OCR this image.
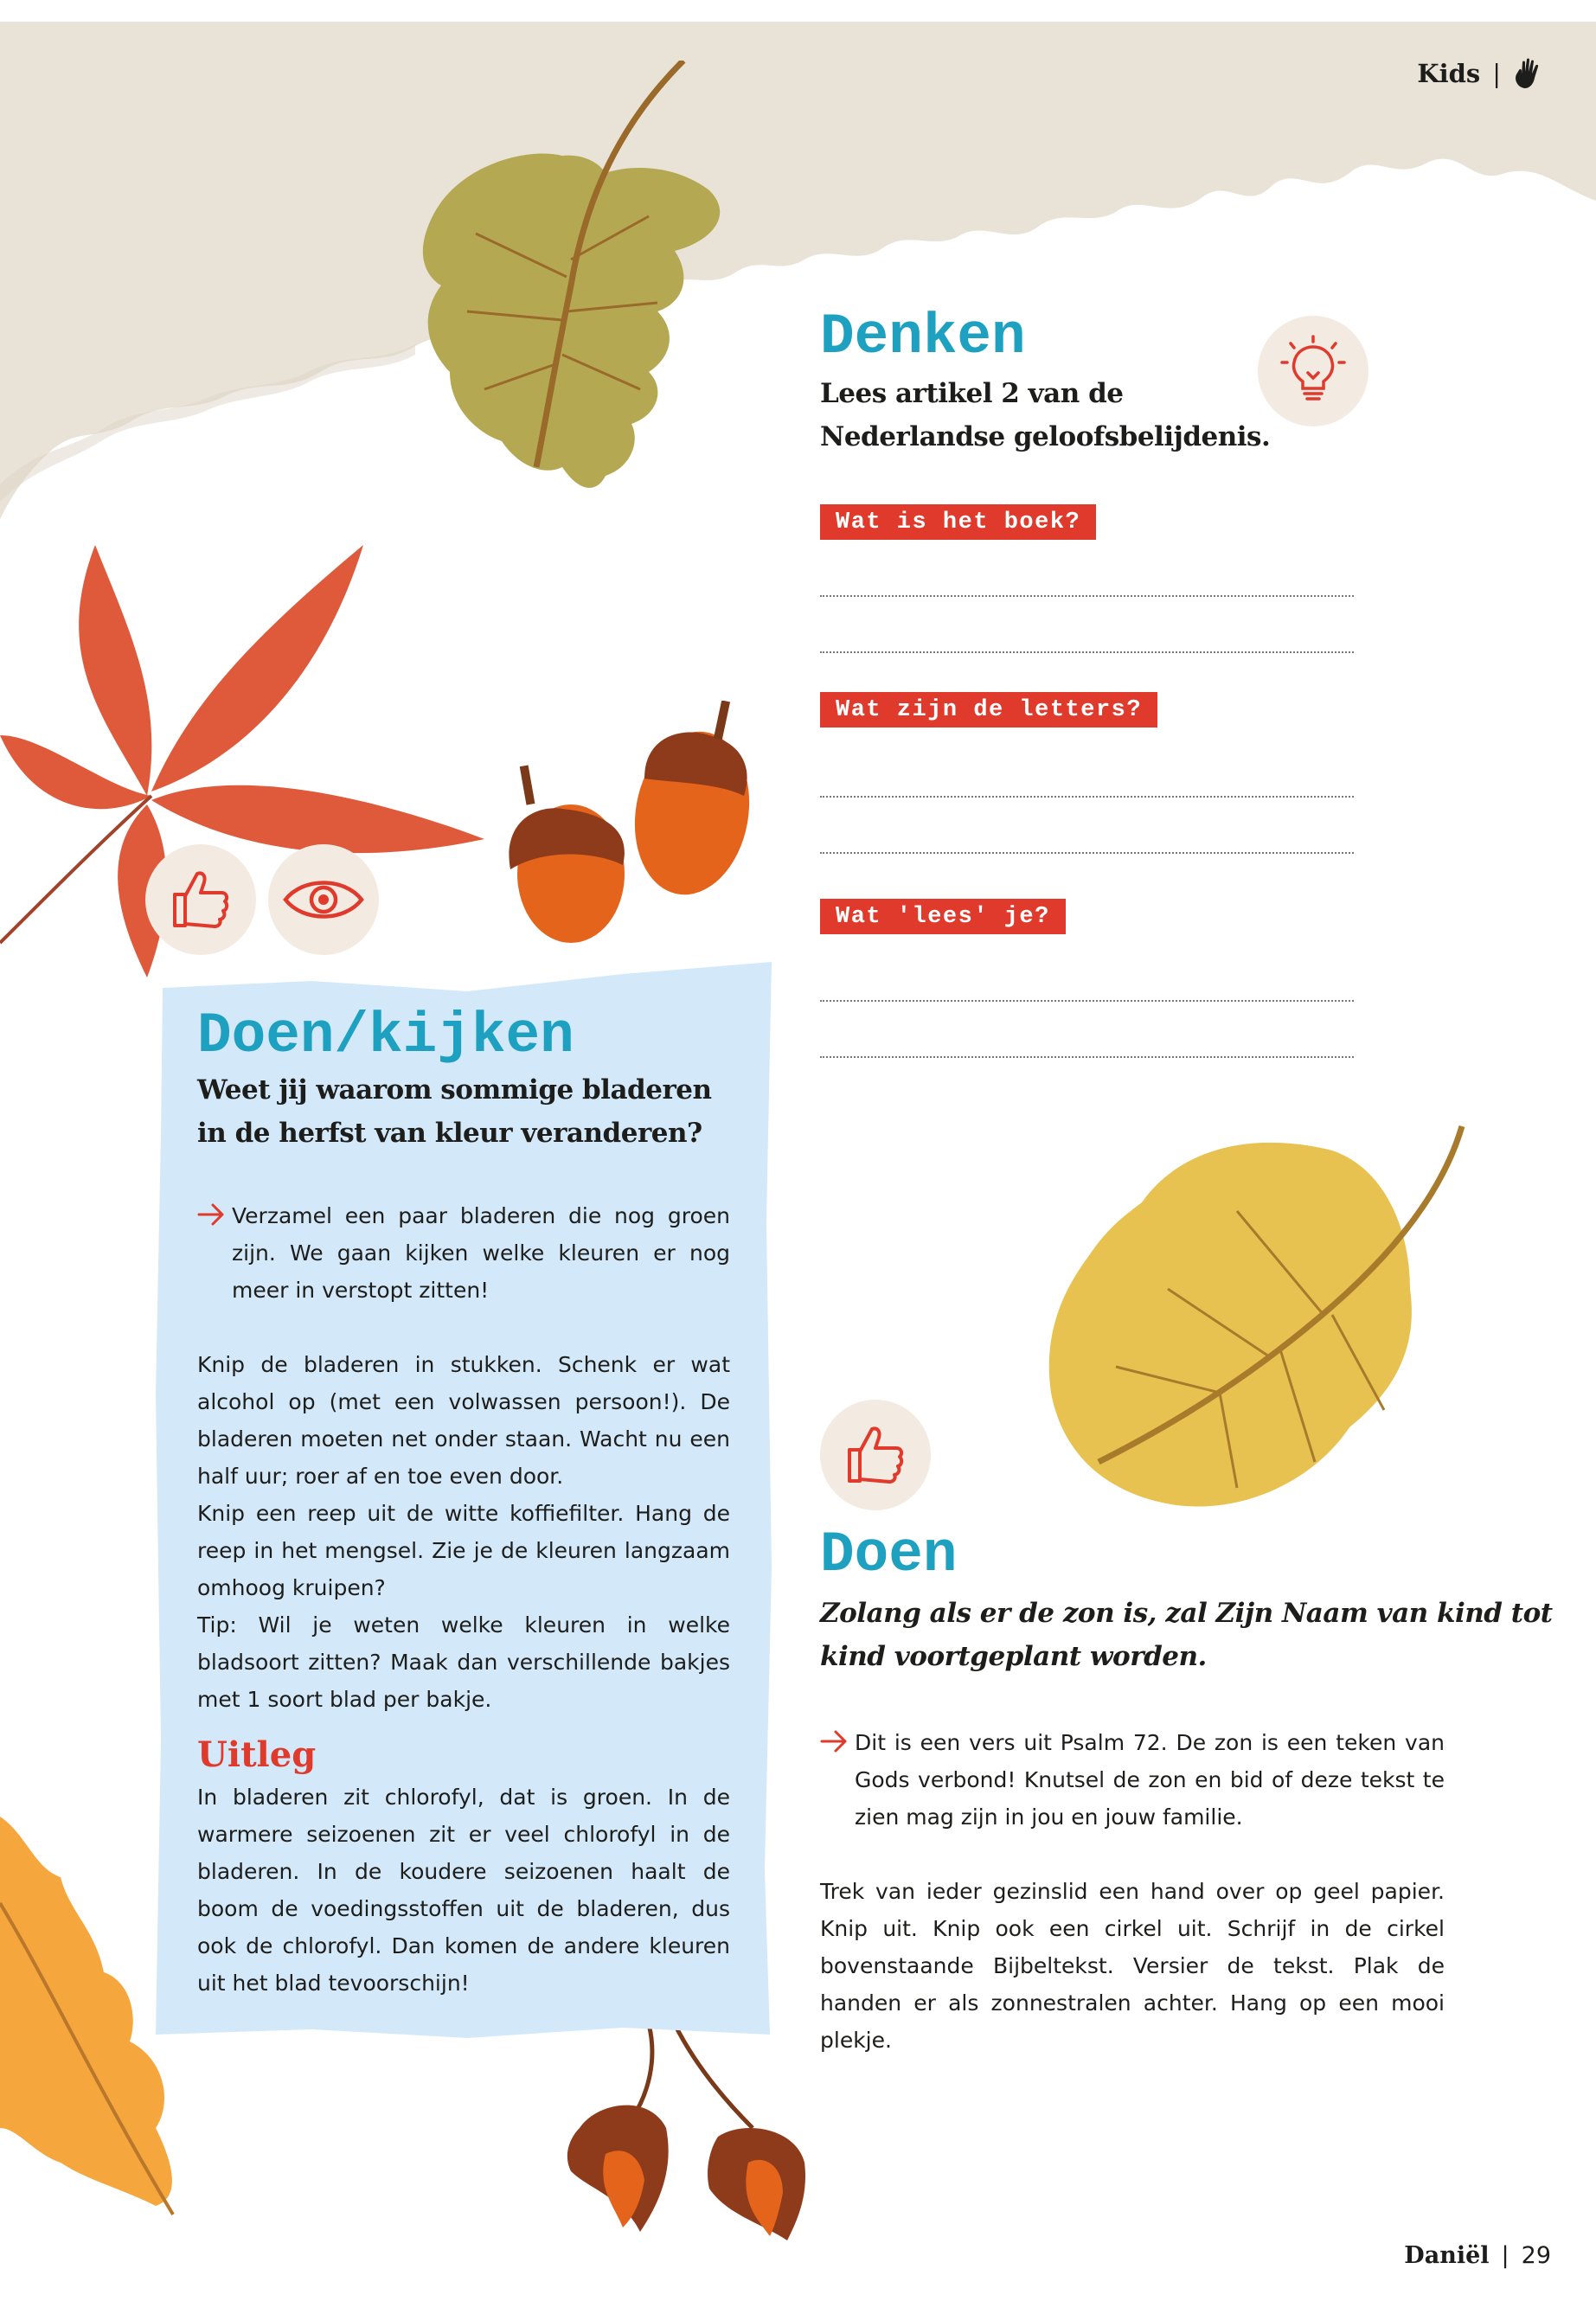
Kids |
Denken
Lees artikel 2 van de
Nederlandse geloofsbelijdenis.
Wat is het boek?
Wat zijn de letters?
Wat 'lees' je?
Doen/kijken
Weet jij waarom sommige bladeren
in de herfst van kleur veranderen?

Verzamel een paar bladeren die nog groen zijn. We gaan kijken welke kleuren er nog meer in verstopt zitten!

Knip de bladeren in stukken. Schenk er wat alcohol op (met een volwassen persoon!). De bladeren moeten net onder staan. Wacht nu een half uur; roer af en toe even door.

Knip een reep uit de witte koffiefilter. Hang de reep in het mengsel. Zie je de kleuren langzaam omhoog kruipen?

Tip: Wil je weten welke kleuren in welke bladsoort zitten? Maak dan verschillende bakjes met 1 soort blad per bakje.

Uitleg

In bladeren zit chlorofyl, dat is groen. In de warmere seizoenen zit er veel chlorofyl in de bladeren. In de koudere seizoenen haalt de boom de voedingsstoffen uit de bladeren, dus ook de chlorofyl. Dan komen de andere kleuren uit het blad tevoorschijn!

Doen
Zolang als er de zon is, zal Zijn Naam van kind tot
kind voortgeplant worden.

Dit is een vers uit Psalm 72. De zon is een teken van Gods verbond! Knutsel de zon en bid of deze tekst te zien mag zijn in jou en jouw familie.

Trek van ieder gezinslid een hand over op geel papier. Knip uit. Knip ook een cirkel uit. Schrijf in de cirkel bovenstaande Bijbeltekst. Versier de tekst. Plak de handen er als zonnestralen achter. Hang op een mooi plekje.

Daniël | 29
